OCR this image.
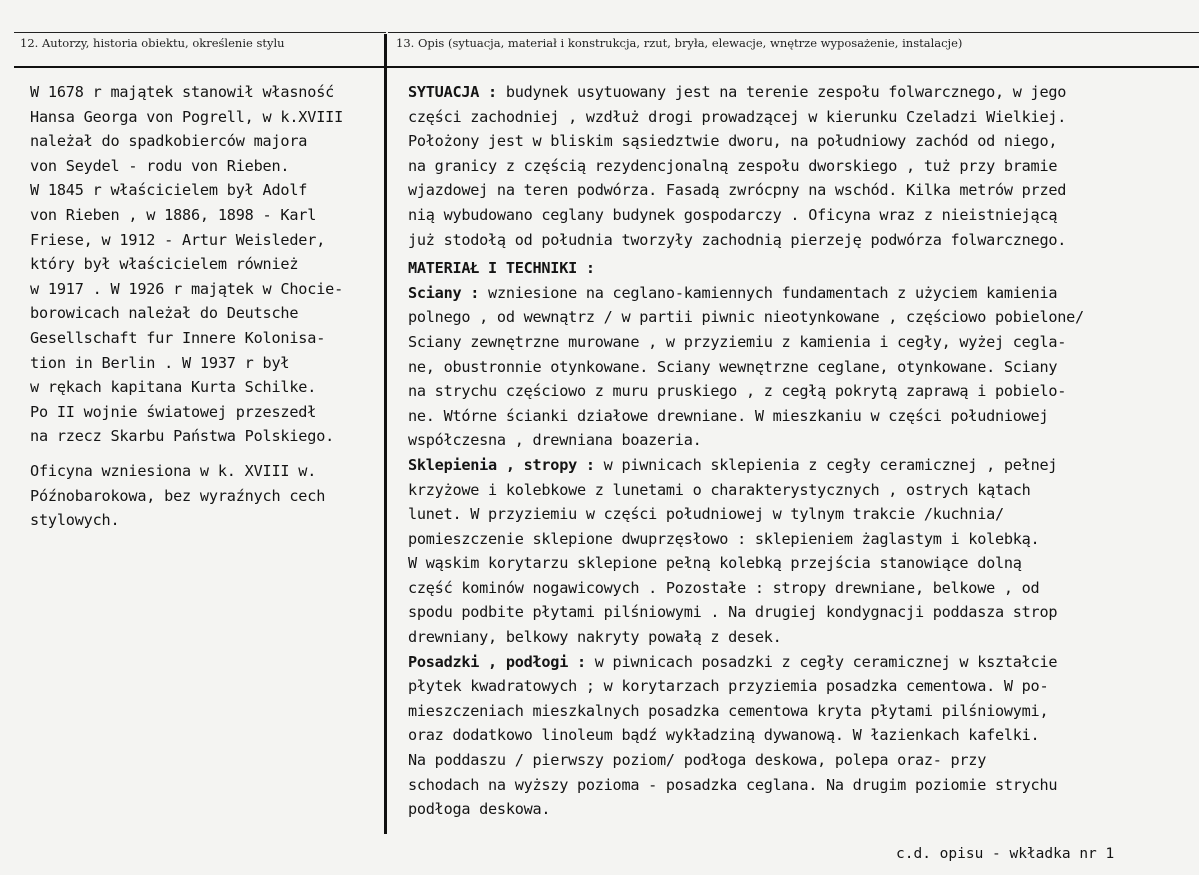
12. Autorzy, historia obiektu, określenie stylu	13. Opis (sytuacja, materiał i konstrukcja, rzut, bryła, elewacje, wnętrze wyposażenie, instalacje)
W 1678 r majątek stanowił własność
Hansa Georga von Pogrell, w k.XVIII
należał do spadkobierców majora
von Seydel - rodu von Rieben.
W 1845 r właścicielem był Adolf
von Rieben , w 1886, 1898 - Karl
Friese, w 1912 - Artur Weisleder,
który był właścicielem również
w 1917 . W 1926 r majątek w Chocie-
borowicach należał do Deutsche
Gesellschaft fur Innere Kolonisa-
tion in Berlin . W 1937 r był
w rękach kapitana Kurta Schilke.
Po II wojnie światowej przeszedł
na rzecz Skarbu Państwa Polskiego.
Oficyna wzniesiona w k. XVIII w.
Późnobarokowa, bez wyraźnych cech
stylowych.
SYTUACJA : budynek usytuowany jest na terenie zespołu folwarcznego, w jego
części zachodniej , wzdłuż drogi prowadzącej w kierunku Czeladzi Wielkiej.
Położony jest w bliskim sąsiedztwie dworu, na południowy zachód od niego,
na granicy z częścią rezydencjonalną zespołu dworskiego , tuż przy bramie
wjazdowej na teren podwórza. Fasadą zwrócpny na wschód. Kilka metrów przed
nią wybudowano ceglany budynek gospodarczy . Oficyna wraz z nieistniejącą
już stodołą od południa tworzyły zachodnią pierzeję podwórza folwarcznego.
MATERIAŁ I TECHNIKI :
Sciany : wzniesione na ceglano-kamiennych fundamentach z użyciem kamienia
polnego , od wewnątrz / w partii piwnic nieotynkowane , częściowo pobielone/
Sciany zewnętrzne murowane , w przyziemiu z kamienia i cegły, wyżej cegla-
ne, obustronnie otynkowane. Sciany wewnętrzne ceglane, otynkowane. Sciany
na strychu częściowo z muru pruskiego , z cegłą pokrytą zaprawą i pobielo-
ne. Wtórne ścianki działowe drewniane. W mieszkaniu w części południowej
współczesna , drewniana boazeria.
Sklepienia , stropy : w piwnicach sklepienia z cegły ceramicznej , pełnej
krzyżowe i kolebkowe z lunetami o charakterystycznych , ostrych kątach
lunet. W przyziemiu w części południowej w tylnym trakcie /kuchnia/
pomieszczenie sklepione dwuprzęsłowo : sklepieniem żaglastym i kolebką.
W wąskim korytarzu sklepione pełną kolebką przejścia stanowiące dolną
część kominów nogawicowych . Pozostałe : stropy drewniane, belkowe , od
spodu podbite płytami pilśniowymi . Na drugiej kondygnacji poddasza strop
drewniany, belkowy nakryty powałą z desek.
Posadzki , podłogi : w piwnicach posadzki z cegły ceramicznej w kształcie
płytek kwadratowych ; w korytarzach przyziemia posadzka cementowa. W po-
mieszczeniach mieszkalnych posadzka cementowa kryta płytami pilśniowymi,
oraz dodatkowo linoleum bądź wykładziną dywanową. W łazienkach kafelki.
Na poddaszu / pierwszy poziom/ podłoga deskowa, polepa oraz- przy
schodach na wyższy pozioma - posadzka ceglana. Na drugim poziomie strychu
podłoga deskowa.
c.d. opisu - wkładka nr 1
